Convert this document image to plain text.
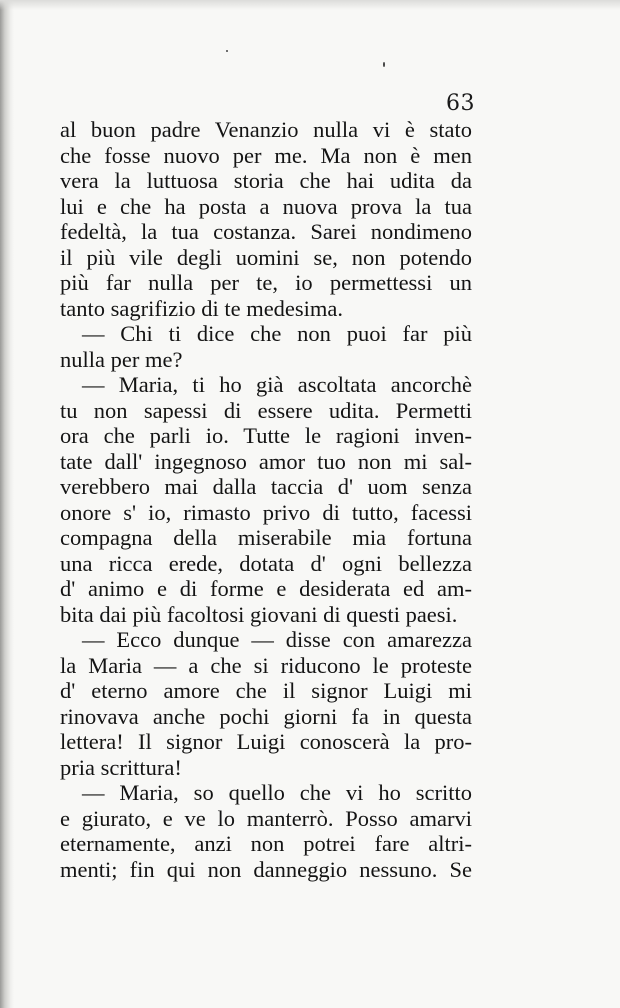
63
al buon padre Venanzio nulla vi è stato
che fosse nuovo per me. Ma non è men
vera la luttuosa storia che hai udita da
lui e che ha posta a nuova prova la tua
fedeltà, la tua costanza. Sarei nondimeno
il più vile degli uomini se, non potendo
più far nulla per te, io permettessi un
tanto sagrifizio di te medesima.
— Chi ti dice che non puoi far più
nulla per me?
— Maria, ti ho già ascoltata ancorchè
tu non sapessi di essere udita. Permetti
ora che parli io. Tutte le ragioni inven-
tate dall' ingegnoso amor tuo non mi sal-
verebbero mai dalla taccia d' uom senza
onore s' io, rimasto privo di tutto, facessi
compagna della miserabile mia fortuna
una ricca erede, dotata d' ogni bellezza
d' animo e di forme e desiderata ed am-
bita dai più facoltosi giovani di questi paesi.
— Ecco dunque — disse con amarezza
la Maria — a che si riducono le proteste
d' eterno amore che il signor Luigi mi
rinovava anche pochi giorni fa in questa
lettera! Il signor Luigi conoscerà la pro-
pria scrittura!
— Maria, so quello che vi ho scritto
e giurato, e ve lo manterrò. Posso amarvi
eternamente, anzi non potrei fare altri-
menti; fin qui non danneggio nessuno. Se
